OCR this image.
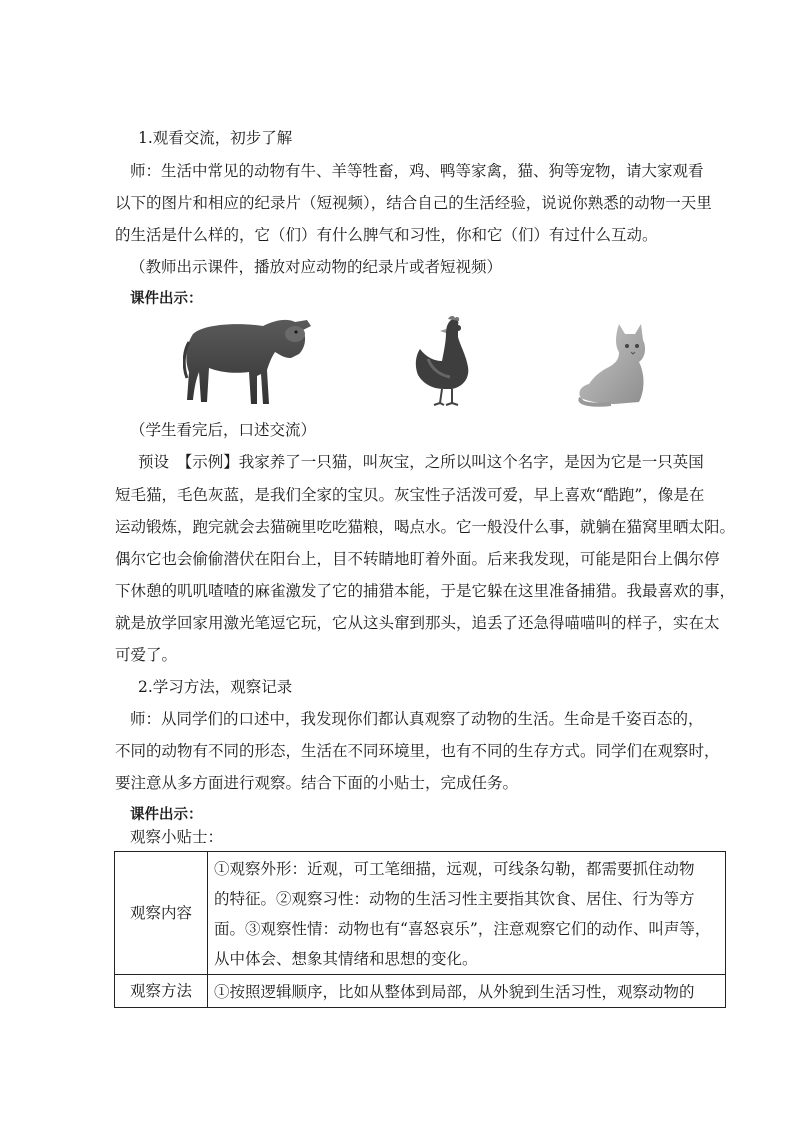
1.观看交流，初步了解
师：生活中常见的动物有牛、羊等牲畜，鸡、鸭等家禽，猫、狗等宠物，请大家观看
以下的图片和相应的纪录片（短视频），结合自己的生活经验，说说你熟悉的动物一天里
的生活是什么样的，它（们）有什么脾气和习性，你和它（们）有过什么互动。
（教师出示课件，播放对应动物的纪录片或者短视频）
课件出示：
（学生看完后，口述交流）
预设　【示例】我家养了一只猫，叫灰宝，之所以叫这个名字，是因为它是一只英国
短毛猫，毛色灰蓝，是我们全家的宝贝。灰宝性子活泼可爱，早上喜欢“酷跑”，像是在
运动锻炼，跑完就会去猫碗里吃吃猫粮，喝点水。它一般没什么事，就躺在猫窝里晒太阳。
偶尔它也会偷偷潜伏在阳台上，目不转睛地盯着外面。后来我发现，可能是阳台上偶尔停
下休憩的叽叽喳喳的麻雀激发了它的捕猎本能，于是它躲在这里准备捕猎。我最喜欢的事，
就是放学回家用激光笔逗它玩，它从这头窜到那头，追丢了还急得喵喵叫的样子，实在太
可爱了。
2.学习方法，观察记录
师：从同学们的口述中，我发现你们都认真观察了动物的生活。生命是千姿百态的，
不同的动物有不同的形态，生活在不同环境里，也有不同的生存方式。同学们在观察时，
要注意从多方面进行观察。结合下面的小贴士，完成任务。
课件出示：
观察小贴士：
观察内容	①观察外形：近观，可工笔细描，远观，可线条勾勒，都需要抓住动物
的特征。②观察习性：动物的生活习性主要指其饮食、居住、行为等方
面。③观察性情：动物也有“喜怒哀乐”，注意观察它们的动作、叫声等，
从中体会、想象其情绪和思想的变化。

观察方法	①按照逻辑顺序，比如从整体到局部，从外貌到生活习性，观察动物的
